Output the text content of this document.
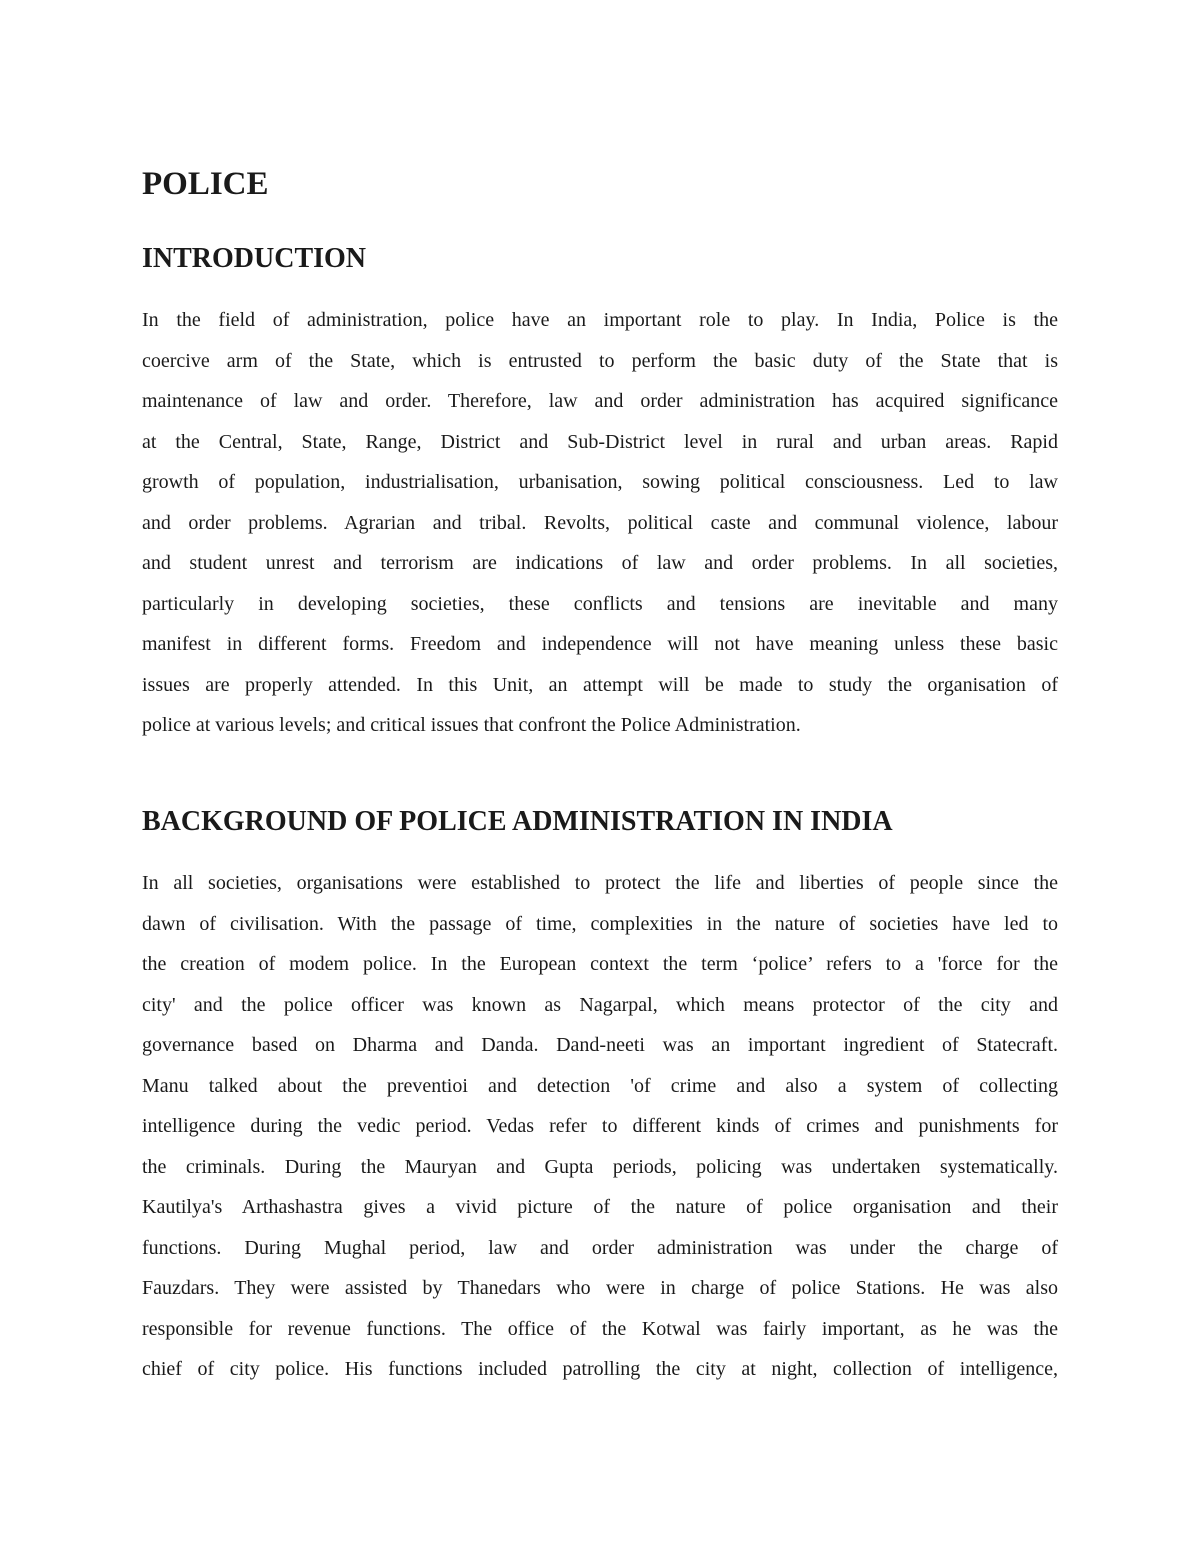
POLICE
INTRODUCTION
In the field of administration, police have an important role to play. In India, Police is the
coercive arm of the State, which is entrusted to perform the basic duty of the State that is
maintenance of law and order. Therefore, law and order administration has acquired significance
at the Central, State, Range, District and Sub-District level in rural and urban areas. Rapid
growth of population, industrialisation, urbanisation, sowing political consciousness. Led to law
and order problems. Agrarian and tribal. Revolts, political caste and communal violence, labour
and student unrest and terrorism are indications of law and order problems. In all societies,
particularly in developing societies, these conflicts and tensions are inevitable and many
manifest in different forms. Freedom and independence will not have meaning unless these basic
issues are properly attended. In this Unit, an attempt will be made to study the organisation of
police at various levels; and critical issues that confront the Police Administration.
BACKGROUND OF POLICE ADMINISTRATION IN INDIA
In all societies, organisations were established to protect the life and liberties of people since the
dawn of civilisation. With the passage of time, complexities in the nature of societies have led to
the creation of modem police. In the European context the term ‘police’ refers to a 'force for the
city' and the police officer was known as Nagarpal, which means protector of the city and
governance based on Dharma and Danda. Dand-neeti was an important ingredient of Statecraft.
Manu talked about the preventioi and detection 'of crime and also a system of collecting
intelligence during the vedic period. Vedas refer to different kinds of crimes and punishments for
the criminals. During the Mauryan and Gupta periods, policing was undertaken systematically.
Kautilya's Arthashastra gives a vivid picture of the nature of police organisation and their
functions. During Mughal period, law and order administration was under the charge of
Fauzdars. They were assisted by Thanedars who were in charge of police Stations. He was also
responsible for revenue functions. The office of the Kotwal was fairly important, as he was the
chief of city police. His functions included patrolling the city at night, collection of intelligence,
